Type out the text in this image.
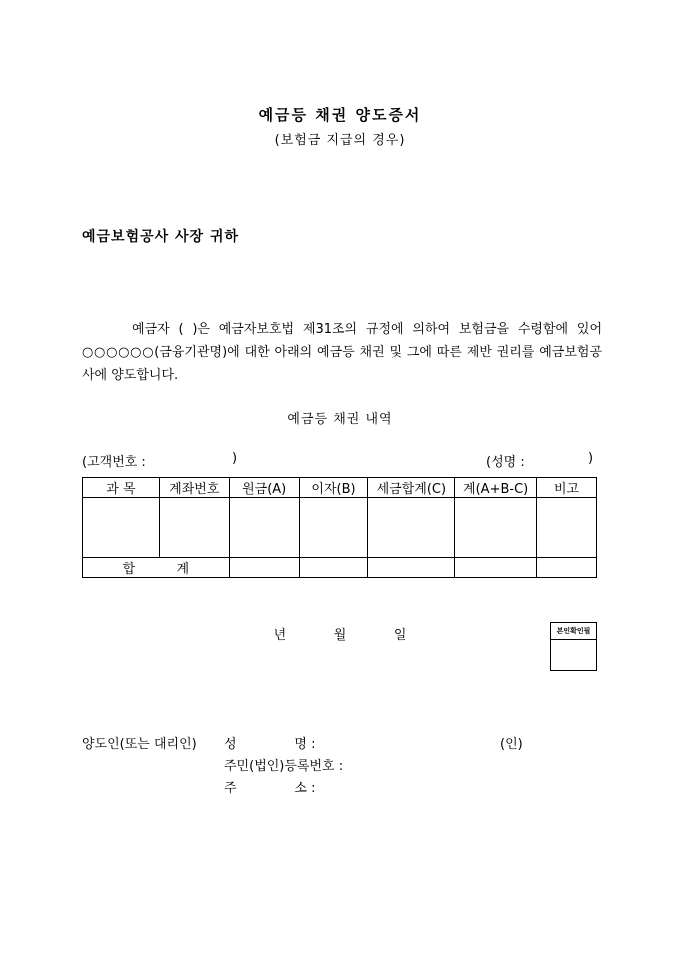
예금등 채권 양도증서
(보험금 지급의 경우)
예금보험공사 사장 귀하
예금자 ( )은 예금자보호법 제31조의 규정에 의하여 보험금을 수령함에 있어 ○○○○○○(금융기관명)에 대한 아래의 예금등 채권 및 그에 따른 제반 권리를 예금보험공사에 양도합니다.
예금등 채권 내역
(고객번호 :	)	(성명 :	)
과 목	계좌번호	원금(A)	이자(B)	세금합계(C)	계(A+B-C)	비고

합          계						
년	월	일	본인확인필
양도인(또는 대리인) 성              명 :	(인)
주민(법인)등록번호 :
주              소 :
